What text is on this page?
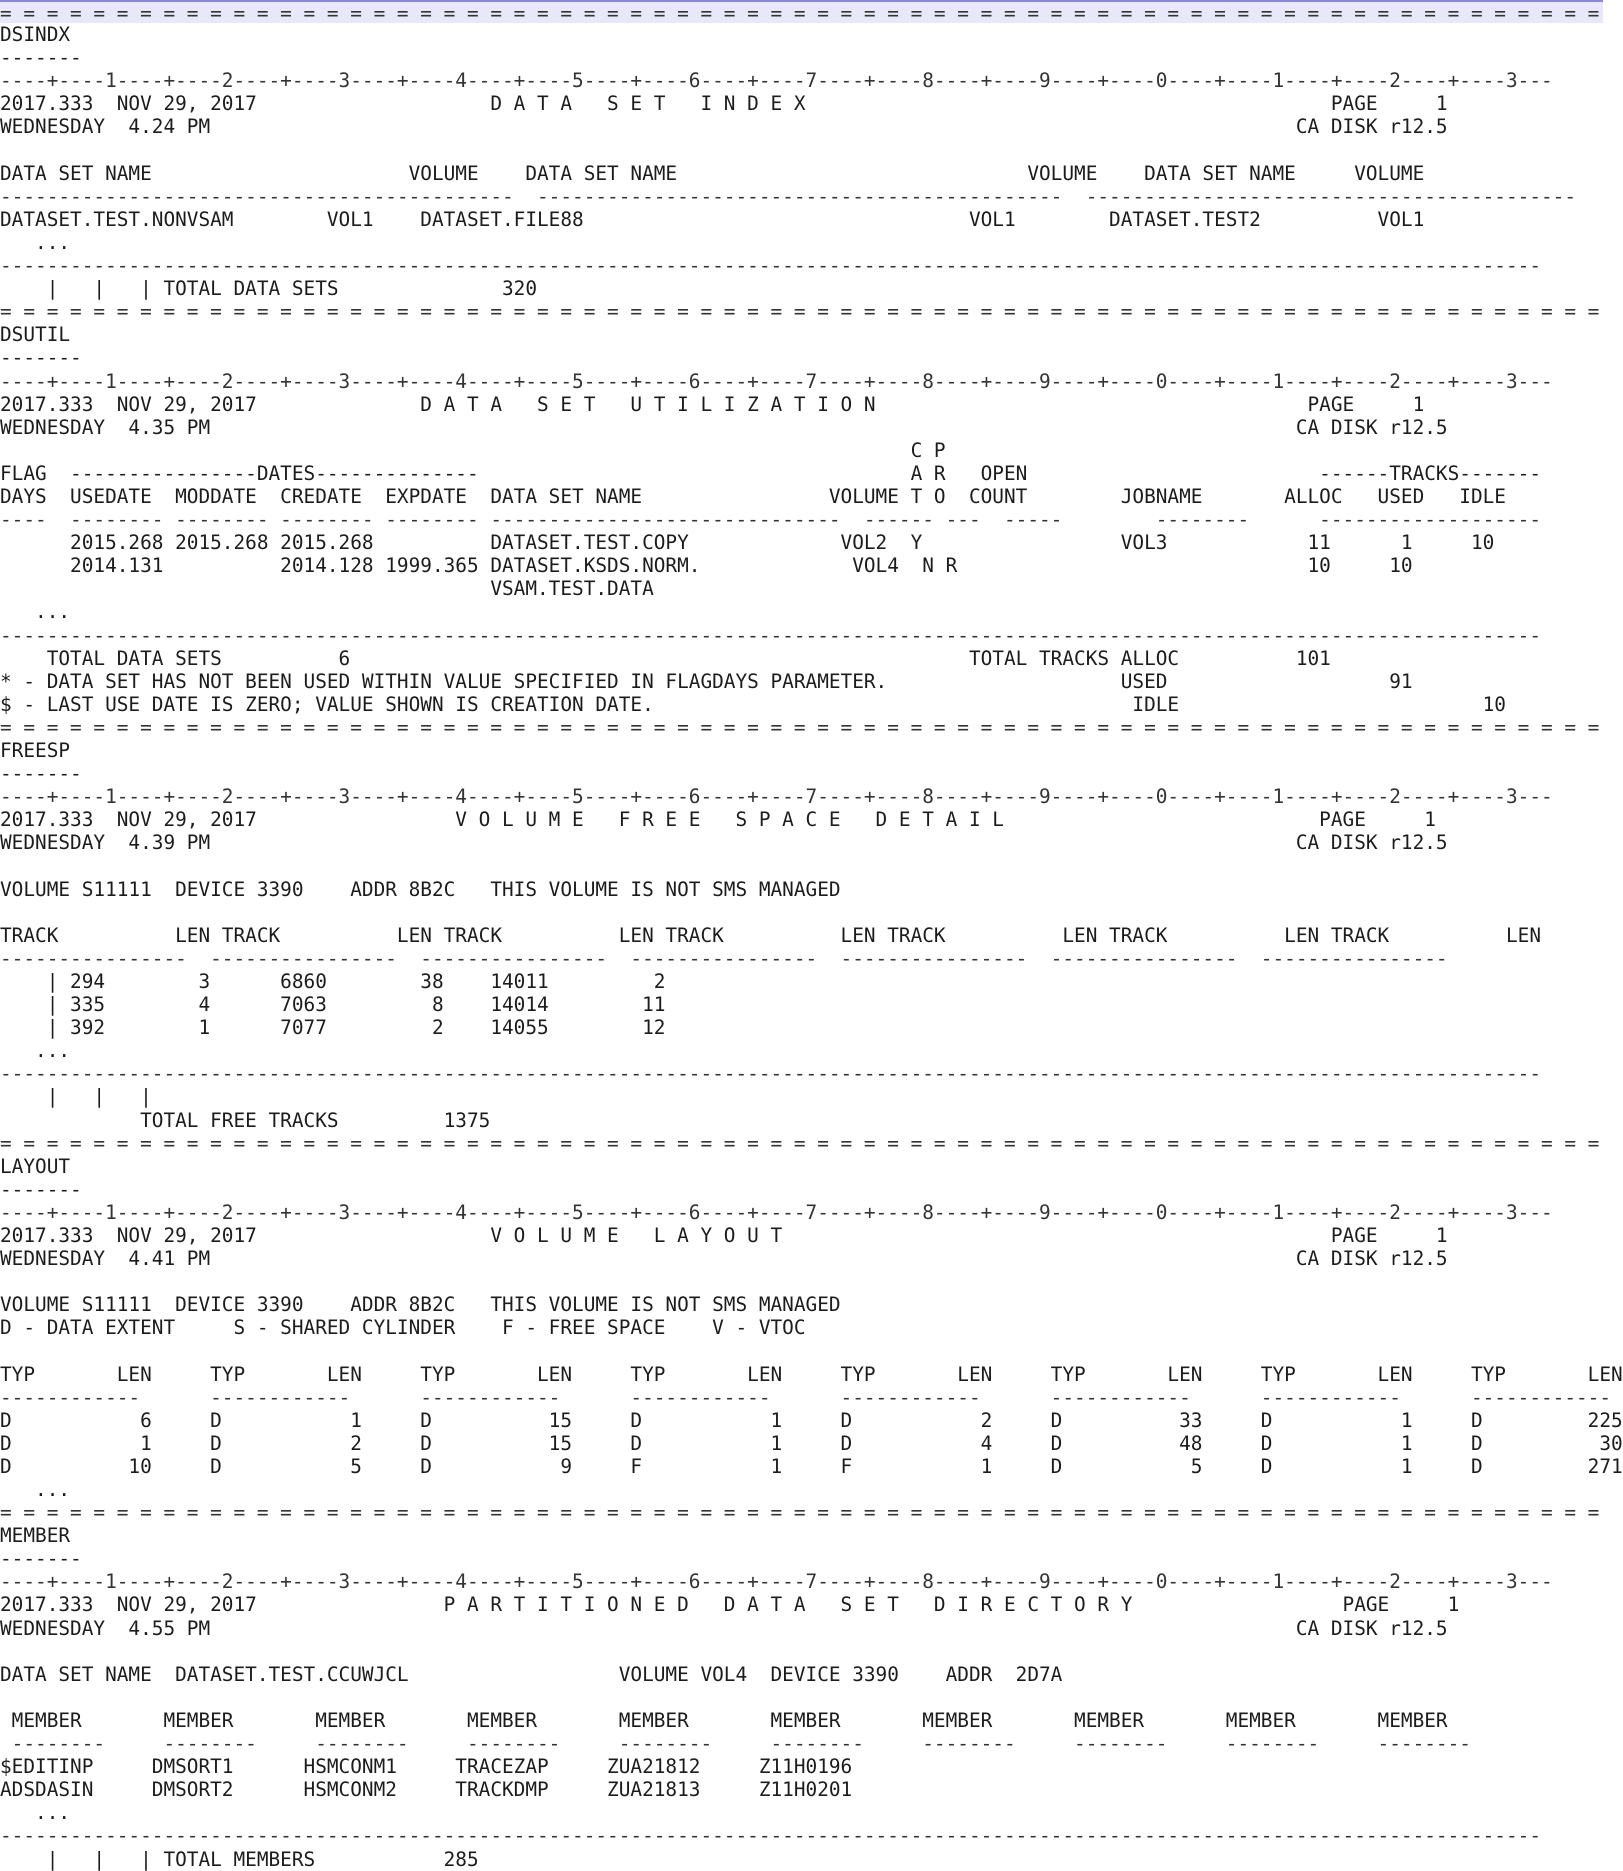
= = = = = = = = = = = = = = = = = = = = = = = = = = = = = = = = = = = = = = = = = = = = = = = = = = = = = = = = = = = = = = = = = = = = =
DSINDX
-------
----+----1----+----2----+----3----+----4----+----5----+----6----+----7----+----8----+----9----+----0----+----1----+----2----+----3---
2017.333  NOV 29, 2017                    D A T A   S E T   I N D E X                                             PAGE     1
WEDNESDAY  4.24 PM                                                                                             CA DISK r12.5
DATA SET NAME                      VOLUME    DATA SET NAME                              VOLUME    DATA SET NAME     VOLUME
--------------------------------------------  ---------------------------------------------  ------------------------------------------
DATASET.TEST.NONVSAM        VOL1    DATASET.FILE88                                 VOL1        DATASET.TEST2          VOL1
...
------------------------------------------------------------------------------------------------------------------------------------
|   |   | TOTAL DATA SETS              320
= = = = = = = = = = = = = = = = = = = = = = = = = = = = = = = = = = = = = = = = = = = = = = = = = = = = = = = = = = = = = = = = = = = = =
DSUTIL
-------
----+----1----+----2----+----3----+----4----+----5----+----6----+----7----+----8----+----9----+----0----+----1----+----2----+----3---
2017.333  NOV 29, 2017              D A T A   S E T   U T I L I Z A T I O N                                     PAGE     1
WEDNESDAY  4.35 PM                                                                                             CA DISK r12.5
C P
FLAG  ----------------DATES--------------                                     A R   OPEN                         ------TRACKS-------
DAYS  USEDATE  MODDATE  CREDATE  EXPDATE  DATA SET NAME                VOLUME T O  COUNT        JOBNAME       ALLOC   USED   IDLE
----  -------- -------- -------- -------- ------------------------------  ------ ---  -----        --------      -------------------
2015.268 2015.268 2015.268          DATASET.TEST.COPY             VOL2  Y                 VOL3            11      1     10
2014.131          2014.128 1999.365 DATASET.KSDS.NORM.             VOL4  N R                              10     10
VSAM.TEST.DATA
...
------------------------------------------------------------------------------------------------------------------------------------
TOTAL DATA SETS          6                                                     TOTAL TRACKS ALLOC          101
* - DATA SET HAS NOT BEEN USED WITHIN VALUE SPECIFIED IN FLAGDAYS PARAMETER.                    USED                   91
$ - LAST USE DATE IS ZERO; VALUE SHOWN IS CREATION DATE.                                         IDLE                          10
= = = = = = = = = = = = = = = = = = = = = = = = = = = = = = = = = = = = = = = = = = = = = = = = = = = = = = = = = = = = = = = = = = = = =
FREESP
-------
----+----1----+----2----+----3----+----4----+----5----+----6----+----7----+----8----+----9----+----0----+----1----+----2----+----3---
2017.333  NOV 29, 2017                 V O L U M E   F R E E   S P A C E   D E T A I L                           PAGE     1
WEDNESDAY  4.39 PM                                                                                             CA DISK r12.5
VOLUME S11111  DEVICE 3390    ADDR 8B2C   THIS VOLUME IS NOT SMS MANAGED
TRACK          LEN TRACK          LEN TRACK          LEN TRACK          LEN TRACK          LEN TRACK          LEN TRACK          LEN
----------------  ----------------  ----------------  ----------------  ----------------  ----------------  ----------------
| 294        3      6860        38    14011         2
| 335        4      7063         8    14014        11
| 392        1      7077         2    14055        12
...
------------------------------------------------------------------------------------------------------------------------------------
|   |   |
TOTAL FREE TRACKS         1375
= = = = = = = = = = = = = = = = = = = = = = = = = = = = = = = = = = = = = = = = = = = = = = = = = = = = = = = = = = = = = = = = = = = = =
LAYOUT
-------
----+----1----+----2----+----3----+----4----+----5----+----6----+----7----+----8----+----9----+----0----+----1----+----2----+----3---
2017.333  NOV 29, 2017                    V O L U M E   L A Y O U T                                               PAGE     1
WEDNESDAY  4.41 PM                                                                                             CA DISK r12.5
VOLUME S11111  DEVICE 3390    ADDR 8B2C   THIS VOLUME IS NOT SMS MANAGED
D - DATA EXTENT     S - SHARED CYLINDER    F - FREE SPACE    V - VTOC
TYP       LEN     TYP       LEN     TYP       LEN     TYP       LEN     TYP       LEN     TYP       LEN     TYP       LEN     TYP       LEN
------------      ------------      ------------      ------------      ------------      ------------      ------------      ------------
D           6     D           1     D          15     D           1     D           2     D          33     D           1     D         225
D           1     D           2     D          15     D           1     D           4     D          48     D           1     D          30
D          10     D           5     D           9     F           1     F           1     D           5     D           1     D         271
...
= = = = = = = = = = = = = = = = = = = = = = = = = = = = = = = = = = = = = = = = = = = = = = = = = = = = = = = = = = = = = = = = = = = = =
MEMBER
-------
----+----1----+----2----+----3----+----4----+----5----+----6----+----7----+----8----+----9----+----0----+----1----+----2----+----3---
2017.333  NOV 29, 2017                P A R T I T I O N E D   D A T A   S E T   D I R E C T O R Y                  PAGE     1
WEDNESDAY  4.55 PM                                                                                             CA DISK r12.5
DATA SET NAME  DATASET.TEST.CCUWJCL                  VOLUME VOL4  DEVICE 3390    ADDR  2D7A
MEMBER       MEMBER       MEMBER       MEMBER       MEMBER       MEMBER       MEMBER       MEMBER       MEMBER       MEMBER
--------     --------     --------     --------     --------     --------     --------     --------     --------     --------
$EDITINP     DMSORT1      HSMCONM1     TRACEZAP     ZUA21812     Z11H0196
ADSDASIN     DMSORT2      HSMCONM2     TRACKDMP     ZUA21813     Z11H0201
...
------------------------------------------------------------------------------------------------------------------------------------
|   |   | TOTAL MEMBERS           285
